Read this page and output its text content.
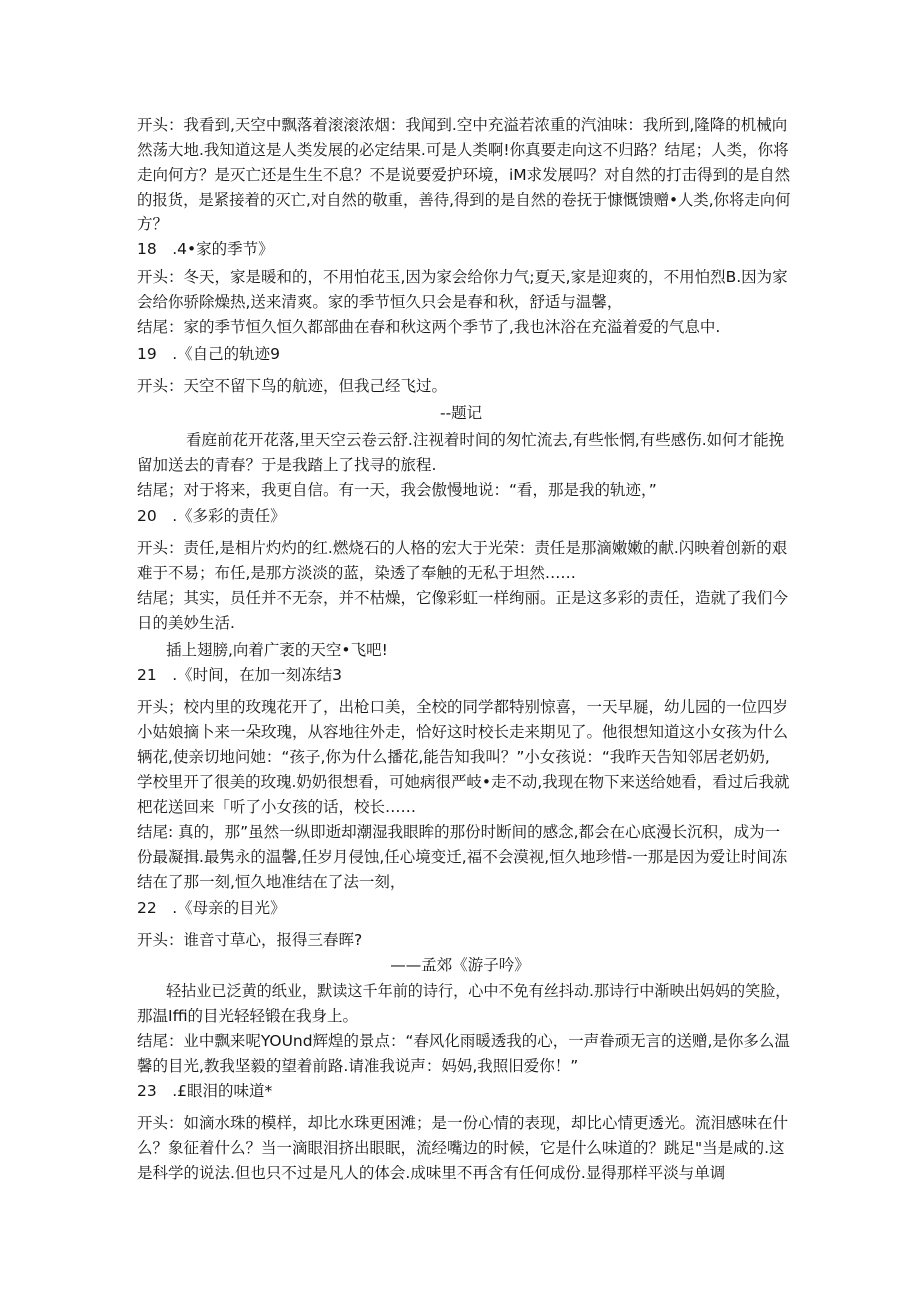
开头：我看到,天空中飘落着滚滚浓烟：我闻到.空中充溢若浓重的汽油味：我所到,隆降的机械向
然荡大地.我知道这是人类发展的必定结果.可是人类啊!你真要走向这不归路？结尾；人类，你将
走向何方？是灭亡还是生生不息？不是说要爱护环境，iM求发展吗？对自然的打击得到的是自然
的报货，是紧接着的灭亡,对自然的敬重，善待,得到的是自然的卷抚于慷慨馈赠•人类,你将走向何
方？
18　.4•家的季节》
开头：冬天，家是暖和的，不用怕花玉,因为家会给你力气;夏天,家是迎爽的，不用怕烈B.因为家
会给你骄除燥热,送来清爽。家的季节恒久只会是春和秋，舒适与温馨，
结尾：家的季节恒久恒久都部曲在春和秋这两个季节了,我也沐浴在充溢着爱的气息中.
19　.《自己的轨迹9
开头：天空不留下鸟的航迹，但我己经飞过。
--题记
看庭前花开花落,里天空云卷云舒.注视着时间的匆忙流去,有些怅惘,有些感伤.如何才能挽
留加送去的青春？于是我踏上了找寻的旅程.
结尾；对于将来，我更自信。有一天，我会傲慢地说：“看，那是我的轨迹，”
20　.《多彩的责任》
开头：责任,是相片灼灼的红.燃烧石的人格的宏大于光荣：责任是那滴嫩嫩的献.闪映着创新的艰
难于不易；布任,是那方淡淡的蓝，染透了奉触的无私于坦然……
结尾；其实，员任并不无奈，并不枯燥，它像彩虹一样绚丽。正是这多彩的责任，造就了我们今
日的美妙生活.
插上翅膀,向着广袤的天空•飞吧!
21　.《时间，在加一刻冻结3
开头；校内里的玫瑰花开了，出枪口美，全校的同学都特别惊喜，一天早屣，幼儿园的一位四岁
小姑娘摘卜来一朵玫瑰，从容地往外走，恰好这时校长走来期见了。他很想知道这小女孩为什么
辆花,使亲切地问她：“孩子,你为什么播花,能告知我叫？”小女孩说：“我昨天告知邻居老奶奶,
学校里开了很美的玫瑰.奶奶很想看，可她病很严岐•走不动,我现在物下来送给她看，看过后我就
杷花送回来「听了小女孩的话，校长……
结尾: 真的，那”虽然一纵即逝却潮湿我眼眸的那份时断间的感念,都会在心底漫长沉积，成为一
份最凝揖.最隽永的温馨,任岁月侵蚀,任心境变迁,福不会漠视,恒久地珍惜-一那是因为爱让时间冻
结在了那一刻,恒久地准结在了法一刻，
22　.《母亲的目光》
开头：谁音寸草心，报得三春晖?
——孟郊《游子吟》
轻拈业已泛黄的纸业，默读这千年前的诗行，心中不免有丝抖动.那诗行中渐映出妈妈的笑脸，
那温Iffi的目光轻轻锻在我身上。
结尾：业中飘来呢YOUnd辉煌的景点：“春风化雨暖透我的心，一声眷顽无言的送赠,是你多么温
馨的目光,教我坚毅的望着前路.请准我说声：妈妈,我照旧爱你！”
23　.£眼泪的味道*
开头：如滴水珠的模样，却比水珠更困滩；是一份心情的表现，却比心情更透光。流泪感味在什
么？象征着什么？当一滴眼泪挤出眼眠，流经嘴边的时候，它是什么味道的？跳足"当是咸的.这
是科学的说法.但也只不过是凡人的体会.成味里不再含有任何成份.显得那样平淡与单调
